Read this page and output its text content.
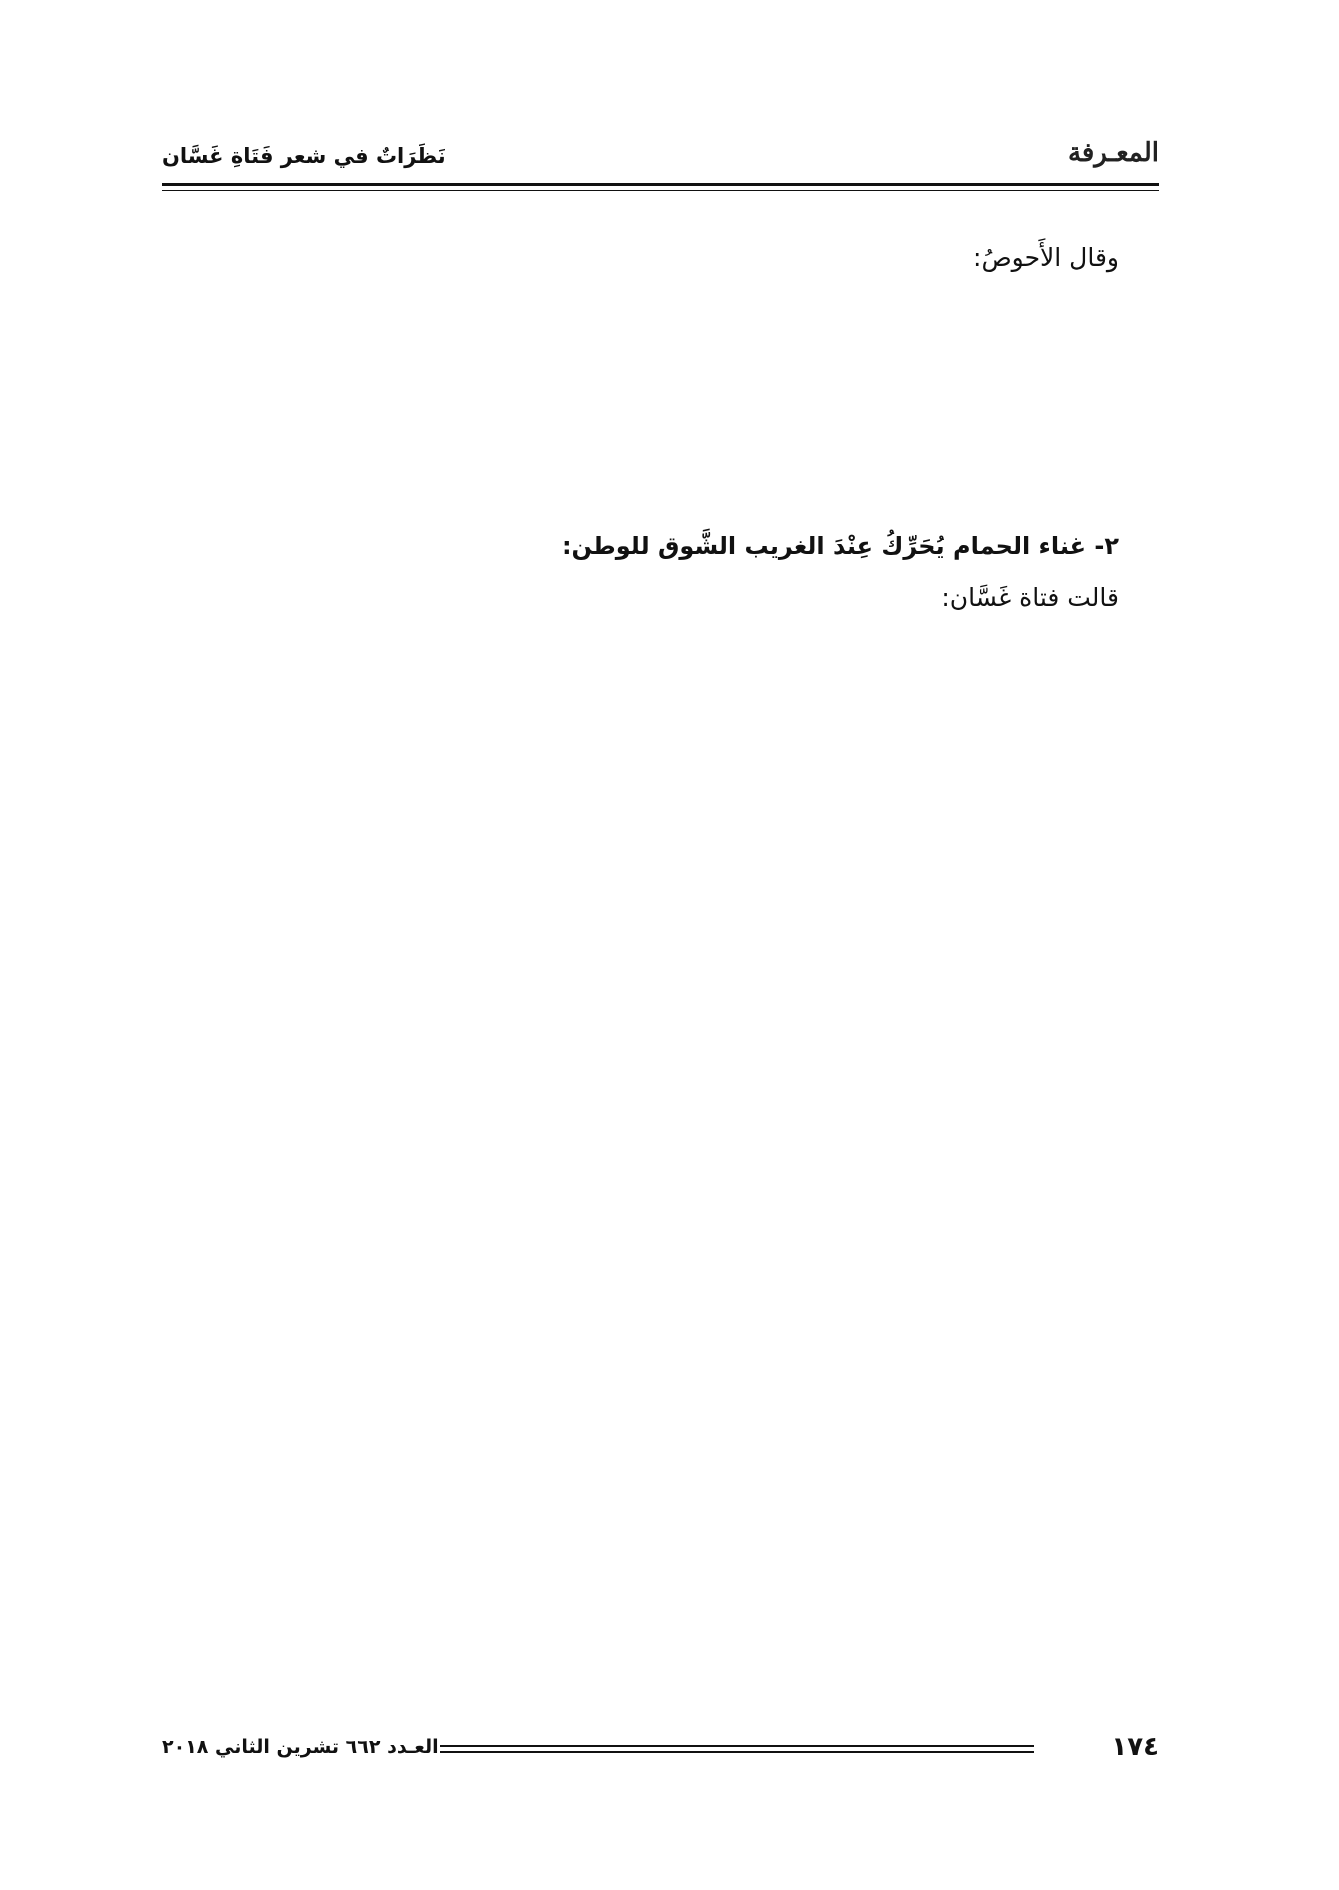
المعـرفة
نَظَرَاتٌ في شعر فَتَاةِ غَسَّان
وقال الأَحوصُ:
٢- غناء الحمام يُحَرِّكُ عِنْدَ الغريب الشَّوق للوطن:
قالت فتاة غَسَّان:
١٧٤
العـدد ٦٦٢ تشرين الثاني ٢٠١٨
